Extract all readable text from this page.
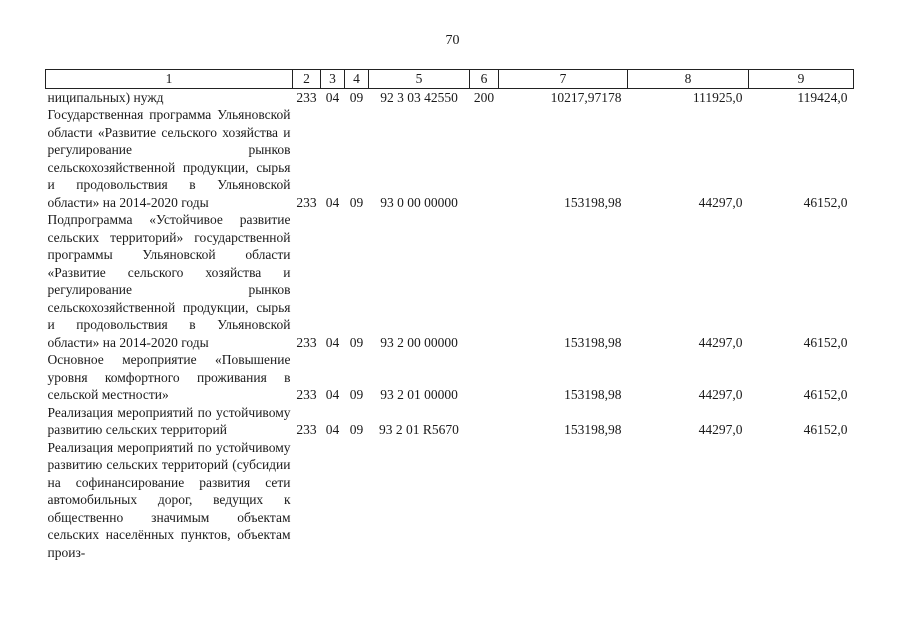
70
1	2	3	4	5	6	7	8	9
ниципальных) нужд	233	04	09	92 3 03 42550	200	10217,97178	111925,0	119424,0
Государственная программа Ульяновской области «Развитие сельского хозяйства и регулирование рынков сельскохозяйственной продукции, сырья и продовольствия в Ульяновской области» на 2014-2020 годы	233	04	09	93 0 00 00000		153198,98	44297,0	46152,0
Подпрограмма «Устойчивое развитие сельских территорий» государственной программы Ульяновской области «Развитие сельского хозяйства и регулирование рынков сельскохозяйственной продукции, сырья и продовольствия в Ульяновской области» на 2014-2020 годы	233	04	09	93 2 00 00000		153198,98	44297,0	46152,0
Основное мероприятие «Повышение уровня комфортного проживания в сельской местности»	233	04	09	93 2 01 00000		153198,98	44297,0	46152,0
Реализация мероприятий по устойчивому развитию сельских территорий	233	04	09	93 2 01 R5670		153198,98	44297,0	46152,0
Реализация мероприятий по устойчивому развитию сельских территорий (субсидии на софинансирование развития сети автомобильных дорог, ведущих к общественно значимым объектам сельских населённых пунктов, объектам произ-								
